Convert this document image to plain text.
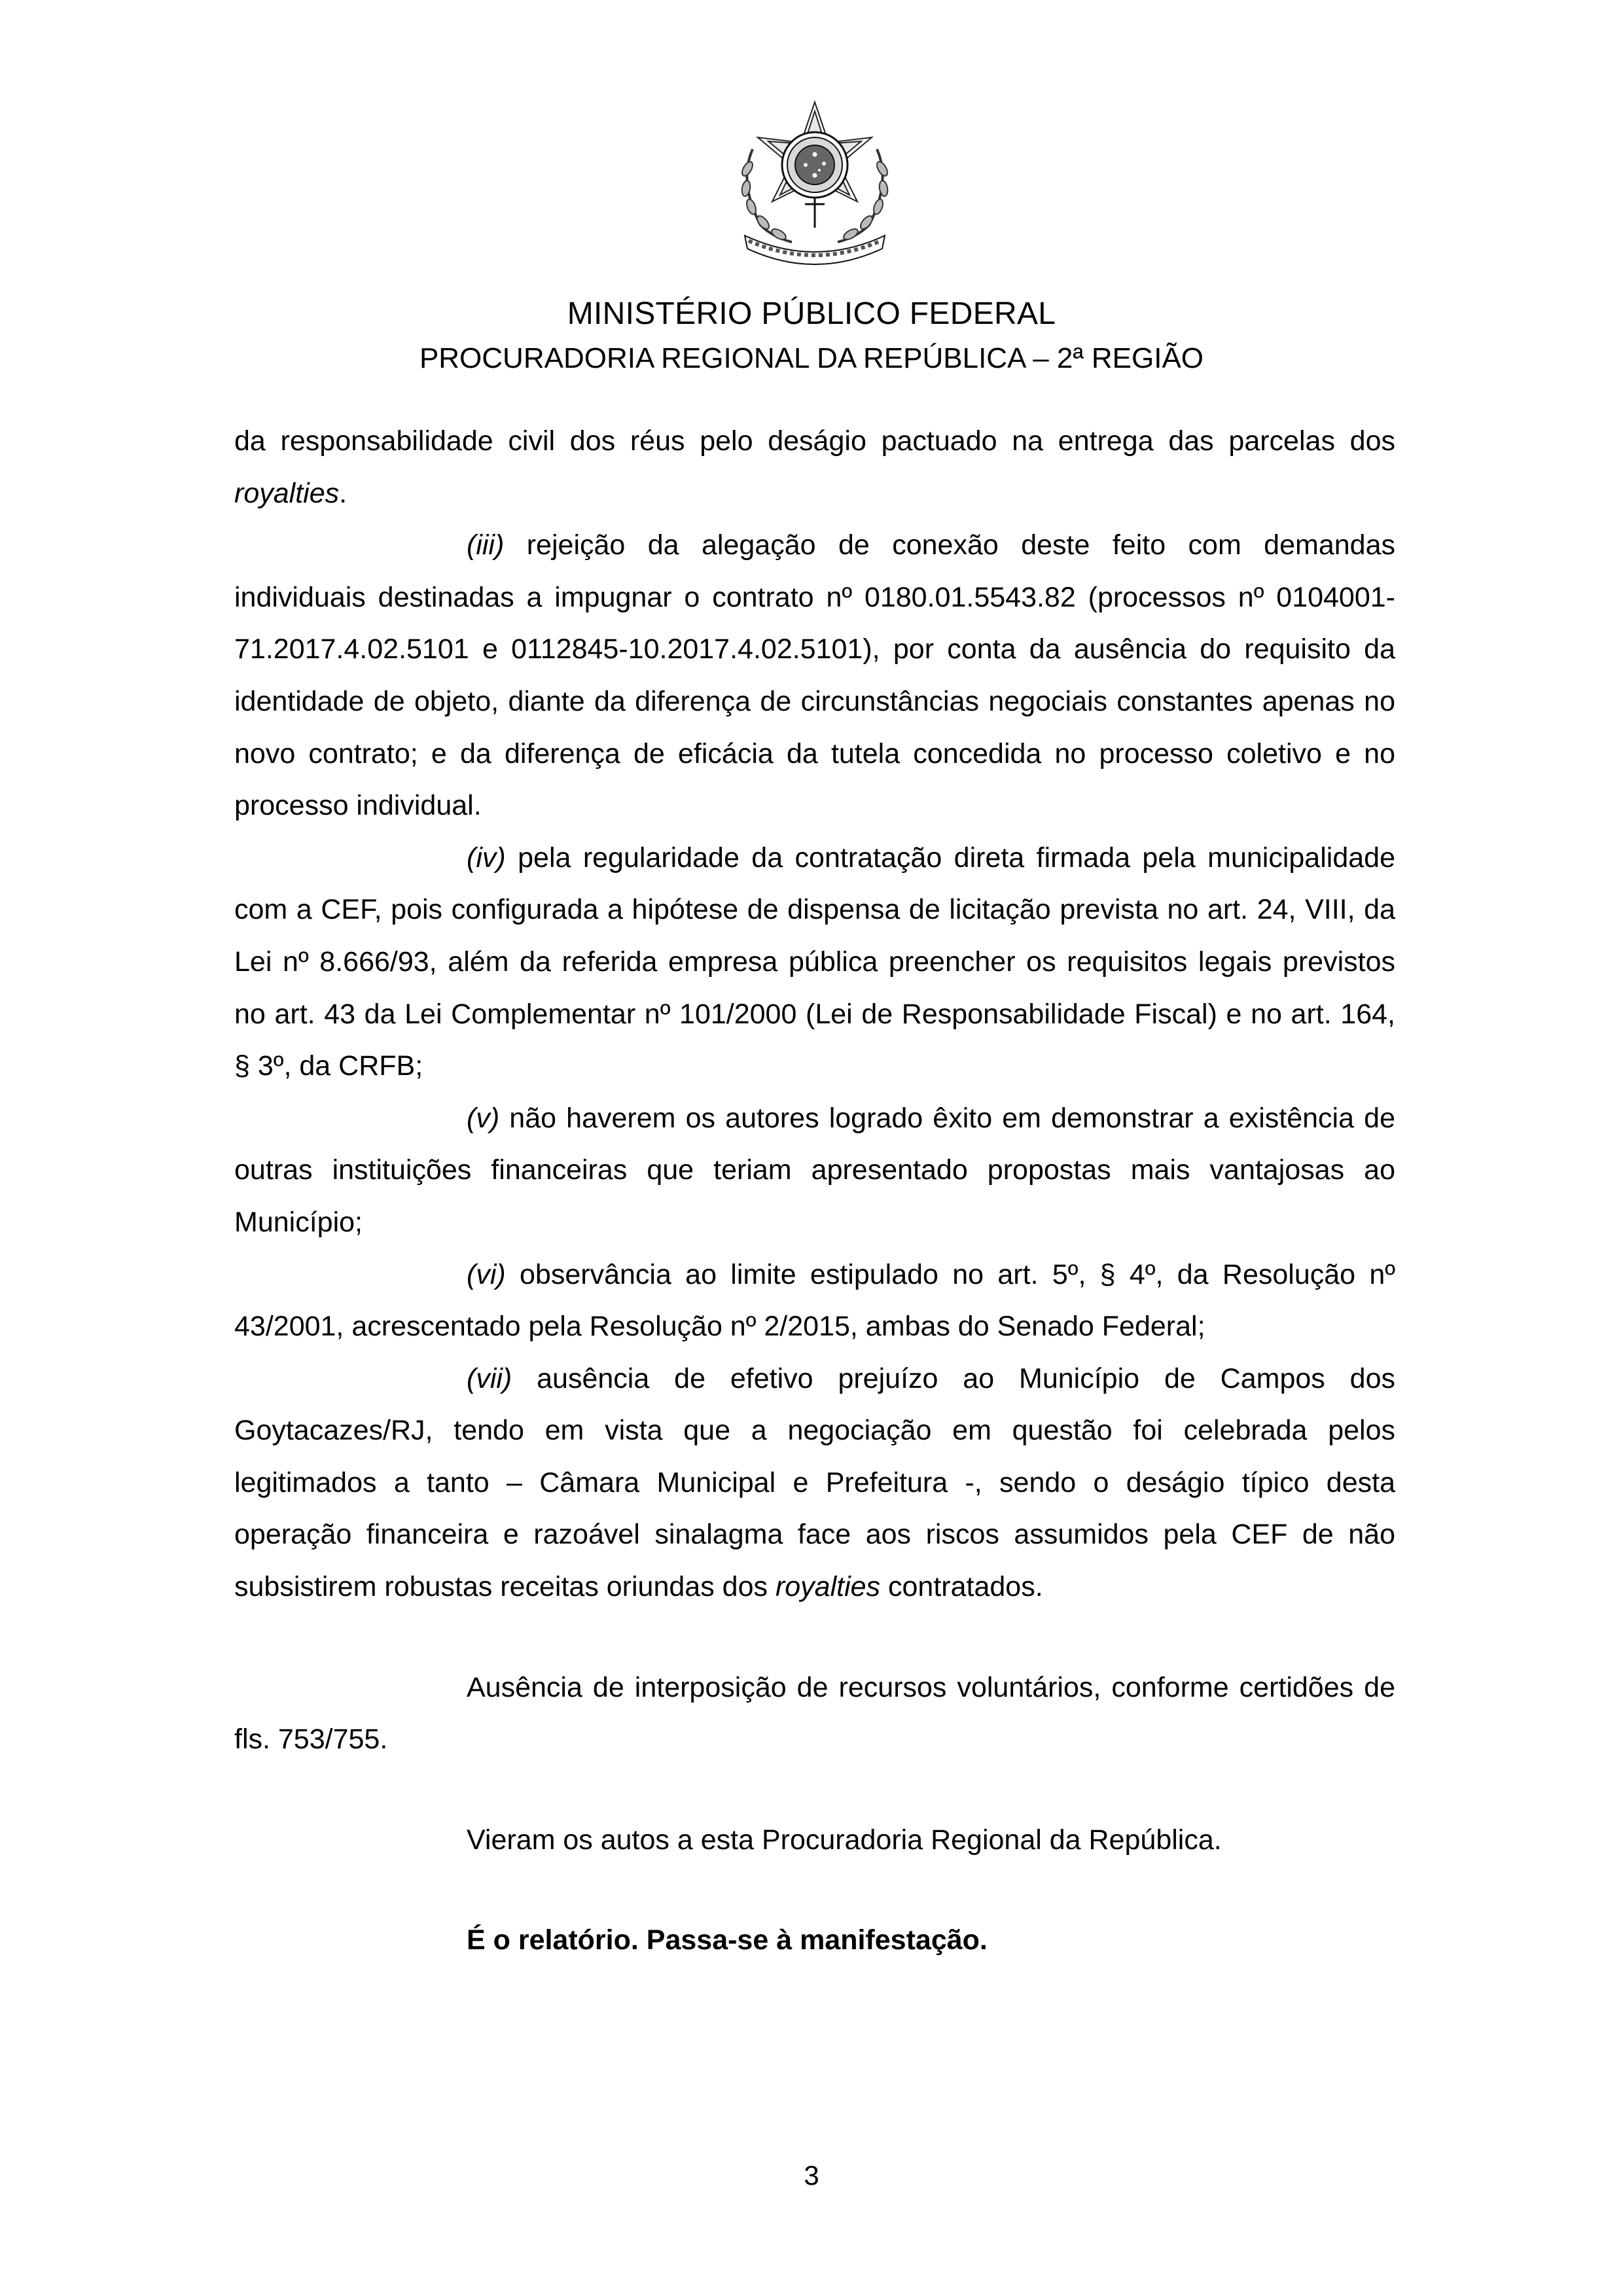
MINISTÉRIO PÚBLICO FEDERAL
PROCURADORIA REGIONAL DA REPÚBLICA – 2ª REGIÃO

da responsabilidade civil dos réus pelo deságio pactuado na entrega das parcelas dos royalties.

(iii) rejeição da alegação de conexão deste feito com demandas individuais destinadas a impugnar o contrato nº 0180.01.5543.82 (processos nº 0104001-71.2017.4.02.5101 e 0112845-10.2017.4.02.5101), por conta da ausência do requisito da identidade de objeto, diante da diferença de circunstâncias negociais constantes apenas no novo contrato; e da diferença de eficácia da tutela concedida no processo coletivo e no processo individual.

(iv) pela regularidade da contratação direta firmada pela municipalidade com a CEF, pois configurada a hipótese de dispensa de licitação prevista no art. 24, VIII, da Lei nº 8.666/93, além da referida empresa pública preencher os requisitos legais previstos no art. 43 da Lei Complementar nº 101/2000 (Lei de Responsabilidade Fiscal) e no art. 164, § 3º, da CRFB;

(v) não haverem os autores logrado êxito em demonstrar a existência de outras instituições financeiras que teriam apresentado propostas mais vantajosas ao Município;

(vi) observância ao limite estipulado no art. 5º, § 4º, da Resolução nº 43/2001, acrescentado pela Resolução nº 2/2015, ambas do Senado Federal;

(vii) ausência de efetivo prejuízo ao Município de Campos dos Goytacazes/RJ, tendo em vista que a negociação em questão foi celebrada pelos legitimados a tanto – Câmara Municipal e Prefeitura -, sendo o deságio típico desta operação financeira e razoável sinalagma face aos riscos assumidos pela CEF de não subsistirem robustas receitas oriundas dos royalties contratados.

Ausência de interposição de recursos voluntários, conforme certidões de fls. 753/755.

Vieram os autos a esta Procuradoria Regional da República.

É o relatório. Passa-se à manifestação.

3
